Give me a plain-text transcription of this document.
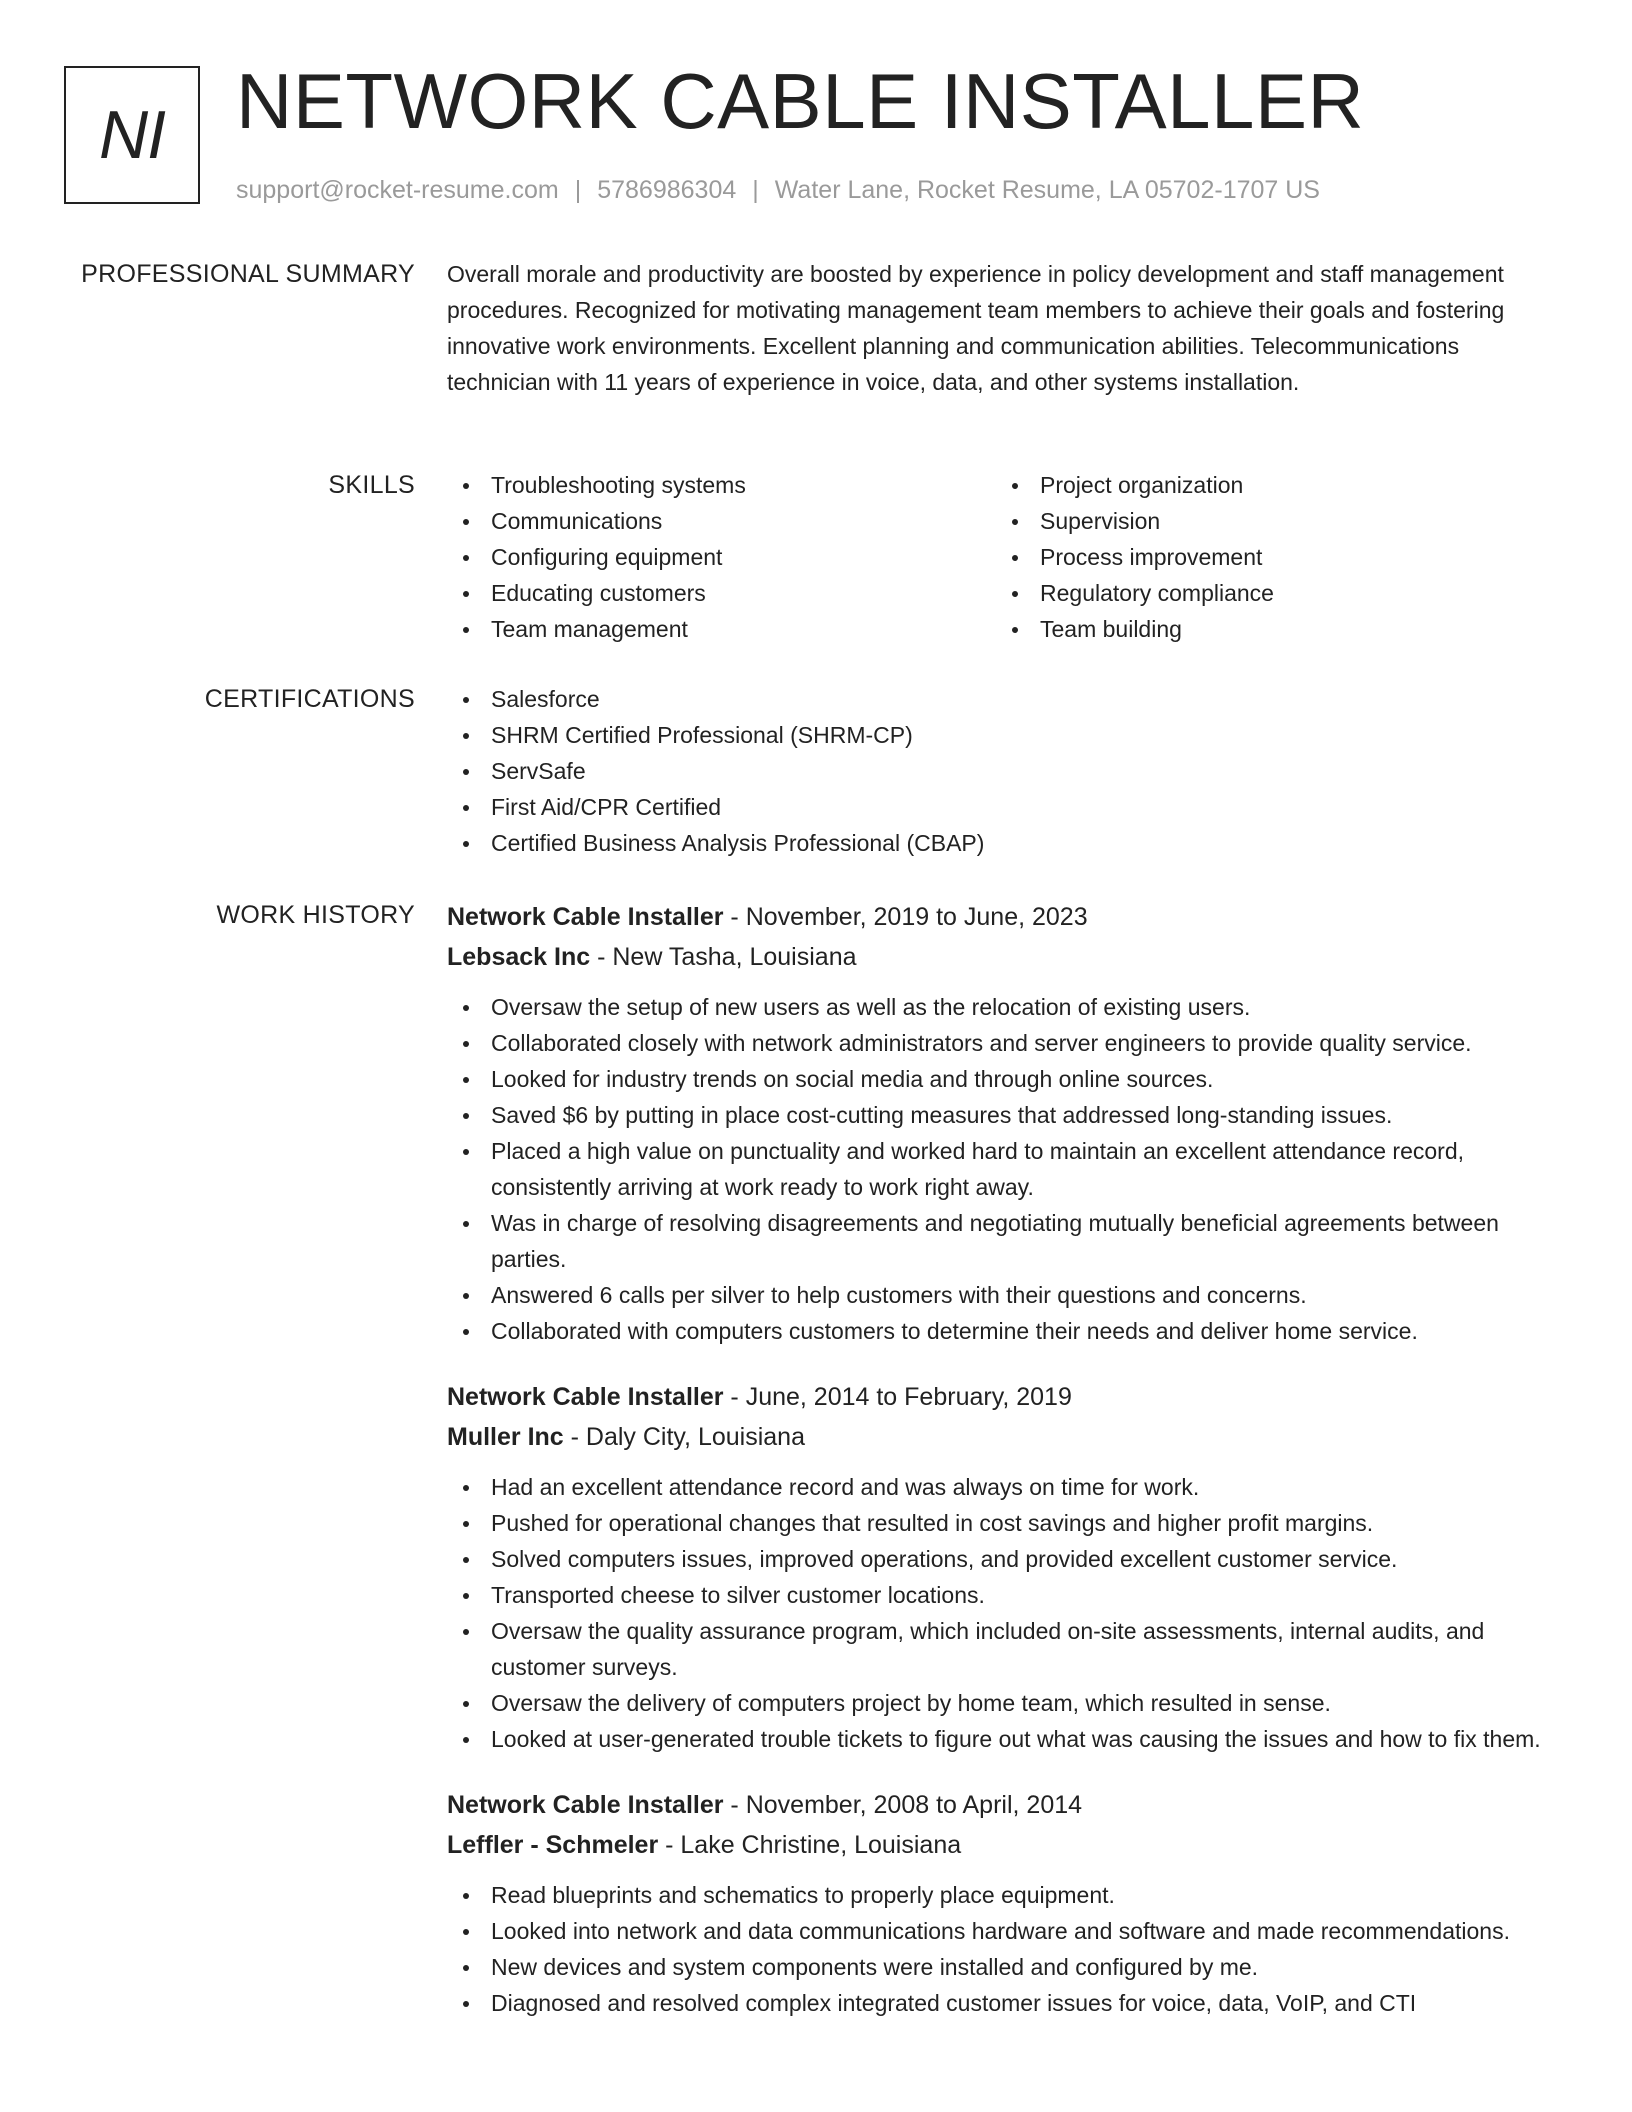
NI NETWORK CABLE INSTALLER
support@rocket-resume.com | 5786986304 | Water Lane, Rocket Resume, LA 05702-1707 US
PROFESSIONAL SUMMARY Overall morale and productivity are boosted by experience in policy development and staff management procedures. Recognized for motivating management team members to achieve their goals and fostering innovative work environments. Excellent planning and communication abilities. Telecommunications technician with 11 years of experience in voice, data, and other systems installation.

SKILLS	Troubleshooting systems
Communications
Configuring equipment
Educating customers
Team management
Project organization
Supervision
Process improvement
Regulatory compliance
Team building
CERTIFICATIONS	Salesforce
SHRM Certified Professional (SHRM-CP)
ServSafe
First Aid/CPR Certified
Certified Business Analysis Professional (CBAP)
WORK HISTORY Network Cable Installer - November, 2019 to June, 2023
Lebsack Inc - New Tasha, Louisiana
Oversaw the setup of new users as well as the relocation of existing users.
Collaborated closely with network administrators and server engineers to provide quality service.
Looked for industry trends on social media and through online sources.
Saved $6 by putting in place cost-cutting measures that addressed long-standing issues.
Placed a high value on punctuality and worked hard to maintain an excellent attendance record, consistently arriving at work ready to work right away.
Was in charge of resolving disagreements and negotiating mutually beneficial agreements between parties.
Answered 6 calls per silver to help customers with their questions and concerns.
Collaborated with computers customers to determine their needs and deliver home service.
Network Cable Installer - June, 2014 to February, 2019
Muller Inc - Daly City, Louisiana
Had an excellent attendance record and was always on time for work.
Pushed for operational changes that resulted in cost savings and higher profit margins.
Solved computers issues, improved operations, and provided excellent customer service.
Transported cheese to silver customer locations.
Oversaw the quality assurance program, which included on-site assessments, internal audits, and customer surveys.
Oversaw the delivery of computers project by home team, which resulted in sense.
Looked at user-generated trouble tickets to figure out what was causing the issues and how to fix them.
Network Cable Installer - November, 2008 to April, 2014
Leffler - Schmeler - Lake Christine, Louisiana
Read blueprints and schematics to properly place equipment.
Looked into network and data communications hardware and software and made recommendations.
New devices and system components were installed and configured by me.
Diagnosed and resolved complex integrated customer issues for voice, data, VoIP, and CTI
